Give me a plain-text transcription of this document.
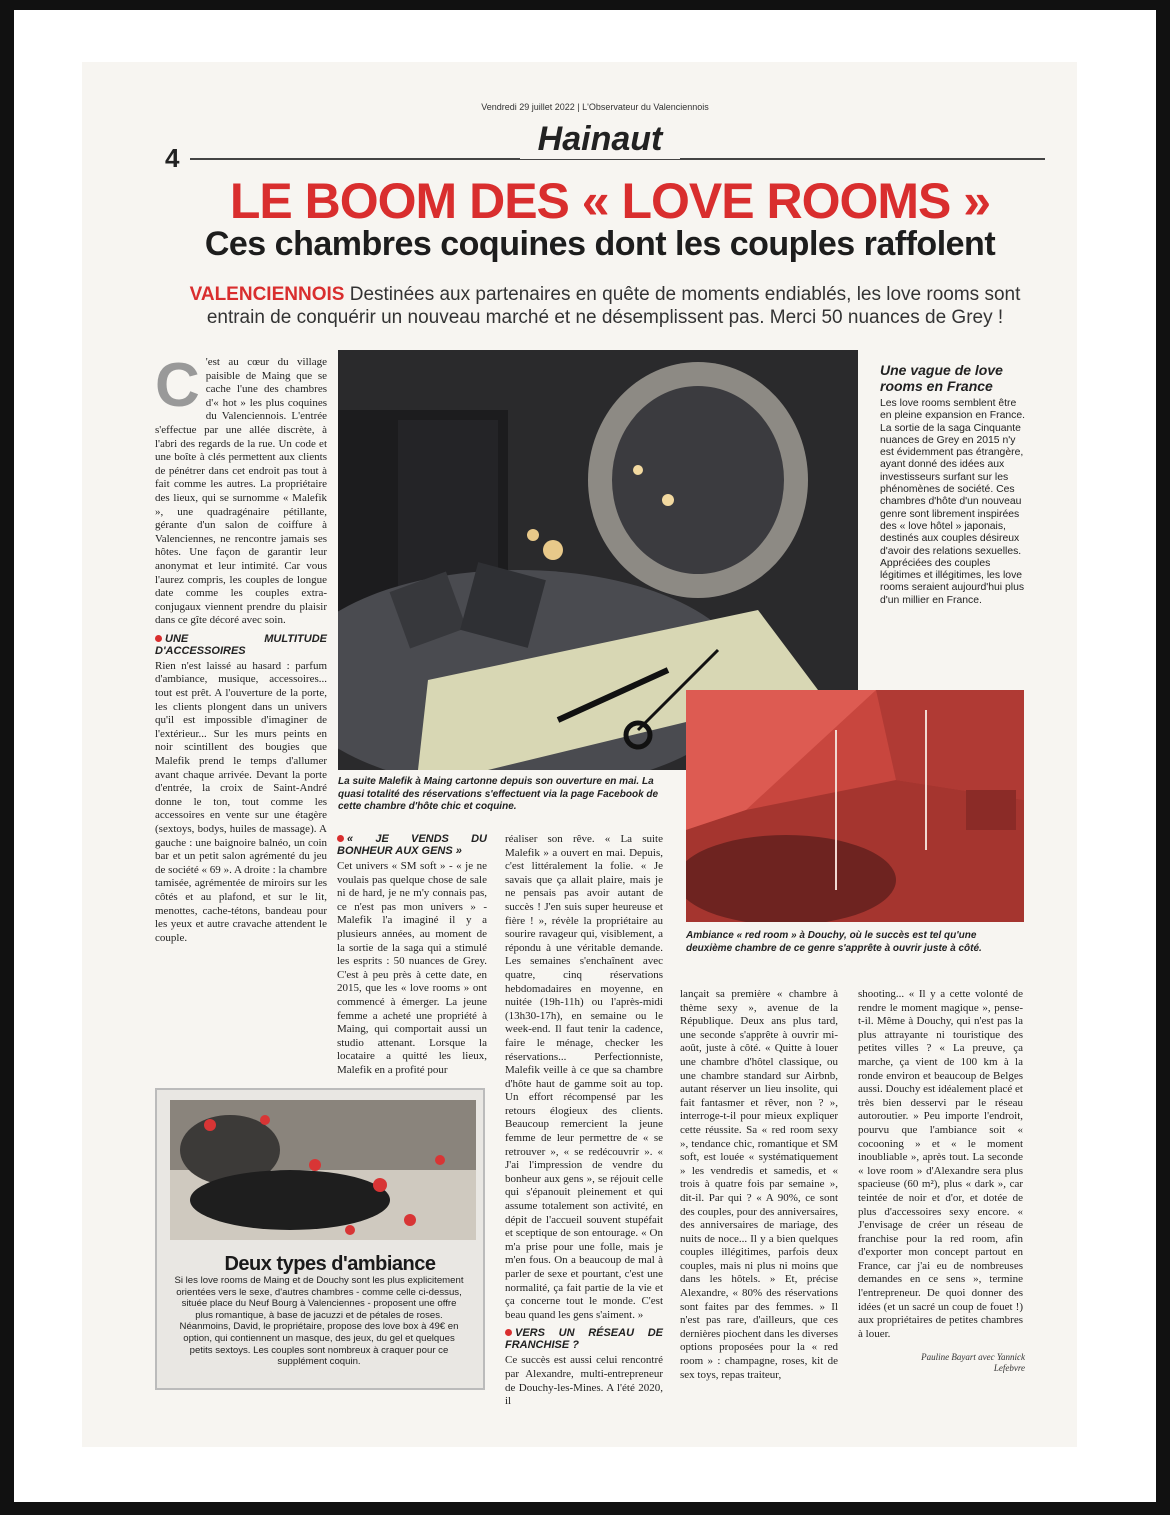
Vendredi 29 juillet 2022 | L'Observateur du Valenciennois
Hainaut
4
LE BOOM DES « LOVE ROOMS »
Ces chambres coquines dont les couples raffolent
VALENCIENNOIS Destinées aux partenaires en quête de moments endiablés, les love rooms sont entrain de conquérir un nouveau marché et ne désemplissent pas. Merci 50 nuances de Grey !
C 'est au cœur du village paisible de Maing que se cache l'une des chambres d'« hot » les plus coquines du Valenciennois. L'entrée s'effectue par une allée discrète, à l'abri des regards de la rue. Un code et une boîte à clés permettent aux clients de pénétrer dans cet endroit pas tout à fait comme les autres. La propriétaire des lieux, qui se surnomme « Malefik », une quadragénaire pétillante, gérante d'un salon de coiffure à Valenciennes, ne rencontre jamais ses hôtes. Une façon de garantir leur anonymat et leur intimité. Car vous l'aurez compris, les couples de longue date comme les couples extra-conjugaux viennent prendre du plaisir dans ce gîte décoré avec soin.
UNE MULTITUDE D'ACCESSOIRES
Rien n'est laissé au hasard : parfum d'ambiance, musique, accessoires... tout est prêt. A l'ouverture de la porte, les clients plongent dans un univers qu'il est impossible d'imaginer de l'extérieur... Sur les murs peints en noir scintillent des bougies que Malefik prend le temps d'allumer avant chaque arrivée. Devant la porte d'entrée, la croix de Saint-André donne le ton, tout comme les accessoires en vente sur une étagère (sextoys, bodys, huiles de massage). A gauche : une baignoire balnéo, un coin bar et un petit salon agrémenté du jeu de société « 69 ». A droite : la chambre tamisée, agrémentée de miroirs sur les côtés et au plafond, et sur le lit, menottes, cache-tétons, bandeau pour les yeux et autre cravache attendent le couple.
La suite Malefik à Maing cartonne depuis son ouverture en mai. La quasi totalité des réservations s'effectuent via la page Facebook de cette chambre d'hôte chic et coquine.
Une vague de love rooms en France
Les love rooms semblent être en pleine expansion en France. La sortie de la saga Cinquante nuances de Grey en 2015 n'y est évidemment pas étrangère, ayant donné des idées aux investisseurs surfant sur les phénomènes de société. Ces chambres d'hôte d'un nouveau genre sont librement inspirées des « love hôtel » japonais, destinés aux couples désireux d'avoir des relations sexuelles. Appréciées des couples légitimes et illégitimes, les love rooms seraient aujourd'hui plus d'un millier en France.
Ambiance « red room » à Douchy, où le succès est tel qu'une deuxième chambre de ce genre s'apprête à ouvrir juste à côté.
« JE VENDS DU BONHEUR AUX GENS »
Cet univers « SM soft » - « je ne voulais pas quelque chose de sale ni de hard, je ne m'y connais pas, ce n'est pas mon univers » - Malefik l'a imaginé il y a plusieurs années, au moment de la sortie de la saga qui a stimulé les esprits : 50 nuances de Grey. C'est à peu près à cette date, en 2015, que les « love rooms » ont commencé à émerger. La jeune femme a acheté une propriété à Maing, qui comportait aussi un studio attenant. Lorsque la locataire a quitté les lieux, Malefik en a profité pour
réaliser son rêve. « La suite Malefik » a ouvert en mai. Depuis, c'est littéralement la folie. « Je savais que ça allait plaire, mais je ne pensais pas avoir autant de succès ! J'en suis super heureuse et fière ! », révèle la propriétaire au sourire ravageur qui, visiblement, a répondu à une véritable demande. Les semaines s'enchaînent avec quatre, cinq réservations hebdomadaires en moyenne, en nuitée (19h-11h) ou l'après-midi (13h30-17h), en semaine ou le week-end. Il faut tenir la cadence, faire le ménage, checker les réservations... Perfectionniste, Malefik veille à ce que sa chambre d'hôte haut de gamme soit au top. Un effort récompensé par les retours élogieux des clients. Beaucoup remercient la jeune femme de leur permettre de « se retrouver », « se redécouvrir ». « J'ai l'impression de vendre du bonheur aux gens », se réjouit celle qui s'épanouit pleinement et qui assume totalement son activité, en dépit de l'accueil souvent stupéfait et sceptique de son entourage. « On m'a prise pour une folle, mais je m'en fous. On a beaucoup de mal à parler de sexe et pourtant, c'est une normalité, ça fait partie de la vie et ça concerne tout le monde. C'est beau quand les gens s'aiment. »
VERS UN RÉSEAU DE FRANCHISE ?
Ce succès est aussi celui rencontré par Alexandre, multi-entrepreneur de Douchy-les-Mines. A l'été 2020, il
lançait sa première « chambre à thème sexy », avenue de la République. Deux ans plus tard, une seconde s'apprête à ouvrir mi-août, juste à côté. « Quitte à louer une chambre d'hôtel classique, ou une chambre standard sur Airbnb, autant réserver un lieu insolite, qui fait fantasmer et rêver, non ? », interroge-t-il pour mieux expliquer cette réussite. Sa « red room sexy », tendance chic, romantique et SM soft, est louée « systématiquement » les vendredis et samedis, et « trois à quatre fois par semaine », dit-il. Par qui ? « A 90%, ce sont des couples, pour des anniversaires, des anniversaires de mariage, des nuits de noce... Il y a bien quelques couples illégitimes, parfois deux couples, mais ni plus ni moins que dans les hôtels. » Et, précise Alexandre, « 80% des réservations sont faites par des femmes. » Il n'est pas rare, d'ailleurs, que ces dernières piochent dans les diverses options proposées pour la « red room » : champagne, roses, kit de sex toys, repas traiteur,
shooting... « Il y a cette volonté de rendre le moment magique », pense-t-il. Même à Douchy, qui n'est pas la plus attrayante ni touristique des petites villes ? « La preuve, ça marche, ça vient de 100 km à la ronde environ et beaucoup de Belges aussi. Douchy est idéalement placé et très bien desservi par le réseau autoroutier. » Peu importe l'endroit, pourvu que l'ambiance soit « cocooning » et « le moment inoubliable », après tout. La seconde « love room » d'Alexandre sera plus spacieuse (60 m²), plus « dark », car teintée de noir et d'or, et dotée de plus d'accessoires sexy encore. « J'envisage de créer un réseau de franchise pour la red room, afin d'exporter mon concept partout en France, car j'ai eu de nombreuses demandes en ce sens », termine l'entrepreneur. De quoi donner des idées (et un sacré un coup de fouet !) aux propriétaires de petites chambres à louer.
Pauline Bayart avec Yannick Lefebvre
Deux types d'ambiance
Si les love rooms de Maing et de Douchy sont les plus explicitement orientées vers le sexe, d'autres chambres - comme celle ci-dessus, située place du Neuf Bourg à Valenciennes - proposent une offre plus romantique, à base de jacuzzi et de pétales de roses. Néanmoins, David, le propriétaire, propose des love box à 49€ en option, qui contiennent un masque, des jeux, du gel et quelques petits sextoys. Les couples sont nombreux à craquer pour ce supplément coquin.
